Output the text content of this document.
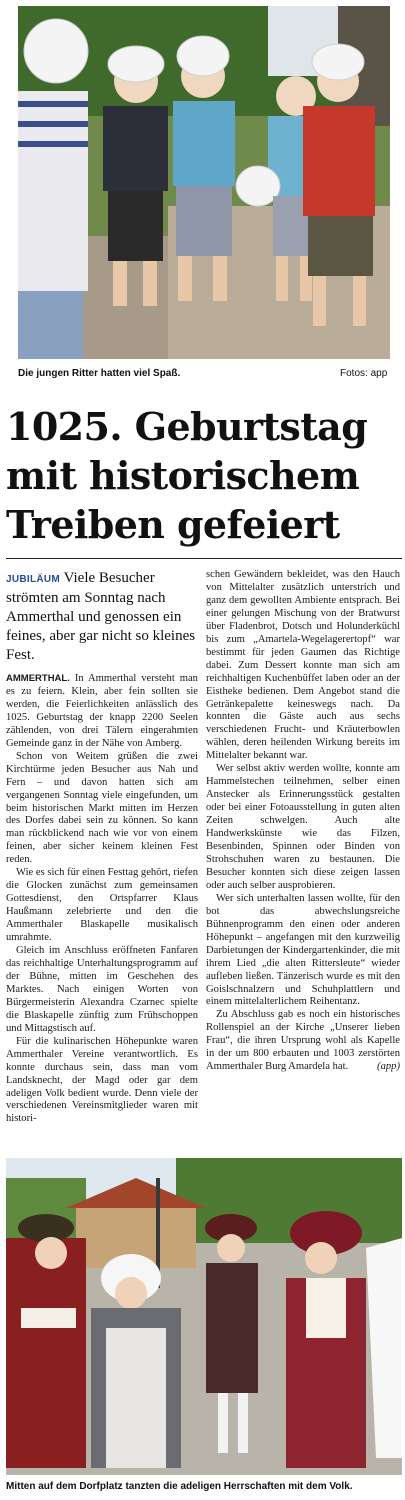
Die jungen Ritter hatten viel Spaß.	Fotos: app
1025. Geburtstag
mit historischem
Treiben gefeiert
JUBILÄUM Viele Besucher strömten am Sonntag nach Ammerthal und genossen ein feines, aber gar nicht so kleines Fest.

AMMERTHAL. In Ammerthal versteht man es zu feiern. Klein, aber fein sollten sie werden, die Feierlichkeiten anlässlich des 1025. Geburtstag der knapp 2200 Seelen zählenden, von drei Tälern eingerahmten Gemeinde ganz in der Nähe von Amberg.

Schon von Weitem grüßen die zwei Kirchtürme jeden Besucher aus Nah und Fern – und davon hatten sich am vergangenen Sonntag viele eingefunden, um beim historischen Markt mitten im Herzen des Dorfes dabei sein zu können. So kann man rückblickend nach wie vor von einem feinen, aber sicher keinem kleinen Fest reden.

Wie es sich für einen Festtag gehört, riefen die Glocken zunächst zum gemeinsamen Gottesdienst, den Ortspfarrer Klaus Haußmann zelebrierte und den die Ammerthaler Blaskapelle musikalisch umrahmte.

Gleich im Anschluss eröffneten Fanfaren das reichhaltige Unterhaltungsprogramm auf der Bühne, mitten im Geschehen des Marktes. Nach einigen Worten von Bürgermeisterin Alexandra Czarnec spielte die Blaskapelle zünftig zum Frühschoppen und Mittagstisch auf.

Für die kulinarischen Höhepunkte waren Ammerthaler Vereine verantwortlich. Es konnte durchaus sein, dass man vom Landsknecht, der Magd oder gar dem adeligen Volk bedient wurde. Denn viele der verschiedenen Vereinsmitglieder waren mit histori-

schen Gewändern bekleidet, was den Hauch von Mittelalter zusätzlich unterstrich und ganz dem gewollten Ambiente entsprach. Bei einer gelungen Mischung von der Bratwurst über Fladenbrot, Dotsch und Holunderküchl bis zum „Amartela-Wegelagerertopf“ war bestimmt für jeden Gaumen das Richtige dabei. Zum Dessert konnte man sich am reichhaltigen Kuchenbüffet laben oder an der Eistheke bedienen. Dem Angebot stand die Getränkepalette keineswegs nach. Da konnten die Gäste auch aus sechs verschiedenen Frucht- und Kräuterbowlen wählen, deren heilenden Wirkung bereits im Mittelalter bekannt war.

Wer selbst aktiv werden wollte, konnte am Hammelstechen teilnehmen, selber einen Anstecker als Erinnerungsstück gestalten oder bei einer Fotoausstellung in guten alten Zeiten schwelgen. Auch alte Handwerkskünste wie das Filzen, Besenbinden, Spinnen oder Binden von Strohschuhen waren zu bestaunen. Die Besucher konnten sich diese zeigen lassen oder auch selber ausprobieren.

Wer sich unterhalten lassen wollte, für den bot das abwechslungsreiche Bühnenprogramm den einen oder anderen Höhepunkt – angefangen mit den kurzweilig Darbietungen der Kindergartenkinder, die mit ihrem Lied „die alten Rittersleute“ wieder aufleben ließen. Tänzerisch wurde es mit den Goislschnalzern und Schuhplattlern und einem mittelalterlichem Reihentanz.

Zu Abschluss gab es noch ein historisches Rollenspiel an der Kirche „Unserer lieben Frau“, die ihren Ursprung wohl als Kapelle in der um 800 erbauten und 1003 zerstörten Ammerthaler Burg Amardela hat.	(app)

Mitten auf dem Dorfplatz tanzten die adeligen Herrschaften mit dem Volk.
